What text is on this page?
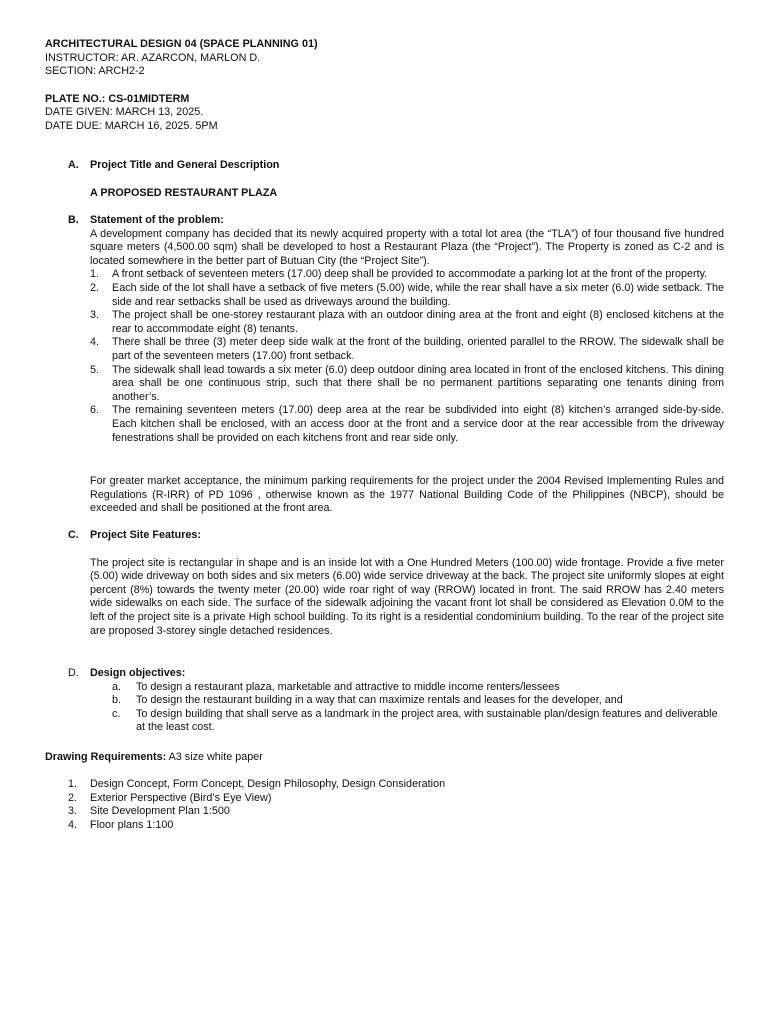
ARCHITECTURAL DESIGN 04 (SPACE PLANNING 01)
INSTRUCTOR: AR. AZARCON, MARLON D.
SECTION: ARCH2-2
PLATE NO.: CS-01MIDTERM
DATE GIVEN: MARCH 13, 2025.
DATE DUE: MARCH 16, 2025. 5PM
A.	Project Title and General Description
A PROPOSED RESTAURANT PLAZA
B.	Statement of the problem:
A development company has decided that its newly acquired property with a total lot area (the “TLA”) of four thousand five hundred square meters (4,500.00 sqm) shall be developed to host a Restaurant Plaza (the “Project”). The Property is zoned as C-2 and is located somewhere in the better part of Butuan City (the “Project Site”).
1.	A front setback of seventeen meters (17.00) deep shall be provided to accommodate a parking lot at the front of the property.
2.	Each side of the lot shall have a setback of five meters (5.00) wide, while the rear shall have a six meter (6.0) wide setback. The side and rear setbacks shall be used as driveways around the building.
3.	The project shall be one-storey restaurant plaza with an outdoor dining area at the front and eight (8) enclosed kitchens at the rear to accommodate eight (8) tenants.
4.	There shall be three (3) meter deep side walk at the front of the building, oriented parallel to the RROW. The sidewalk shall be part of the seventeen meters (17.00) front setback.
5.	The sidewalk shall lead towards a six meter (6.0) deep outdoor dining area located in front of the enclosed kitchens. This dining area shall be one continuous strip, such that there shall be no permanent partitions separating one tenants dining from another’s.
6.	The remaining seventeen meters (17.00) deep area at the rear be subdivided into eight (8) kitchen’s arranged side-by-side. Each kitchen shall be enclosed, with an access door at the front and a service door at the rear accessible from the driveway fenestrations shall be provided on each kitchens front and rear side only.
For greater market acceptance, the minimum parking requirements for the project under the 2004 Revised Implementing Rules and Regulations (R-IRR) of PD 1096 , otherwise known as the 1977 National Building Code of the Philippines (NBCP), should be exceeded and shall be positioned at the front area.
C.	Project Site Features:
The project site is rectangular in shape and is an inside lot with a One Hundred Meters (100.00) wide frontage. Provide a five meter (5.00) wide driveway on both sides and six meters (6.00) wide service driveway at the back. The project site uniformly slopes at eight percent (8%) towards the twenty meter (20.00) wide roar right of way (RROW) located in front. The said RROW has 2.40 meters wide sidewalks on each side. The surface of the sidewalk adjoining the vacant front lot shall be considered as Elevation 0.0M to the left of the project site is a private High school building. To its right is a residential condominium building. To the rear of the project site are proposed 3-storey single detached residences.
D.	Design objectives:
a.	To design a restaurant plaza, marketable and attractive to middle income renters/lessees
b.	To design the restaurant building in a way that can maximize rentals and leases for the developer, and
c.	To design building that shall serve as a landmark in the project area, with sustainable plan/design features and deliverable at the least cost.
Drawing Requirements: A3 size white paper
1.	Design Concept, Form Concept, Design Philosophy, Design Consideration
2.	Exterior Perspective (Bird’s Eye View)
3.	Site Development Plan 1:500
4.	Floor plans 1:100
